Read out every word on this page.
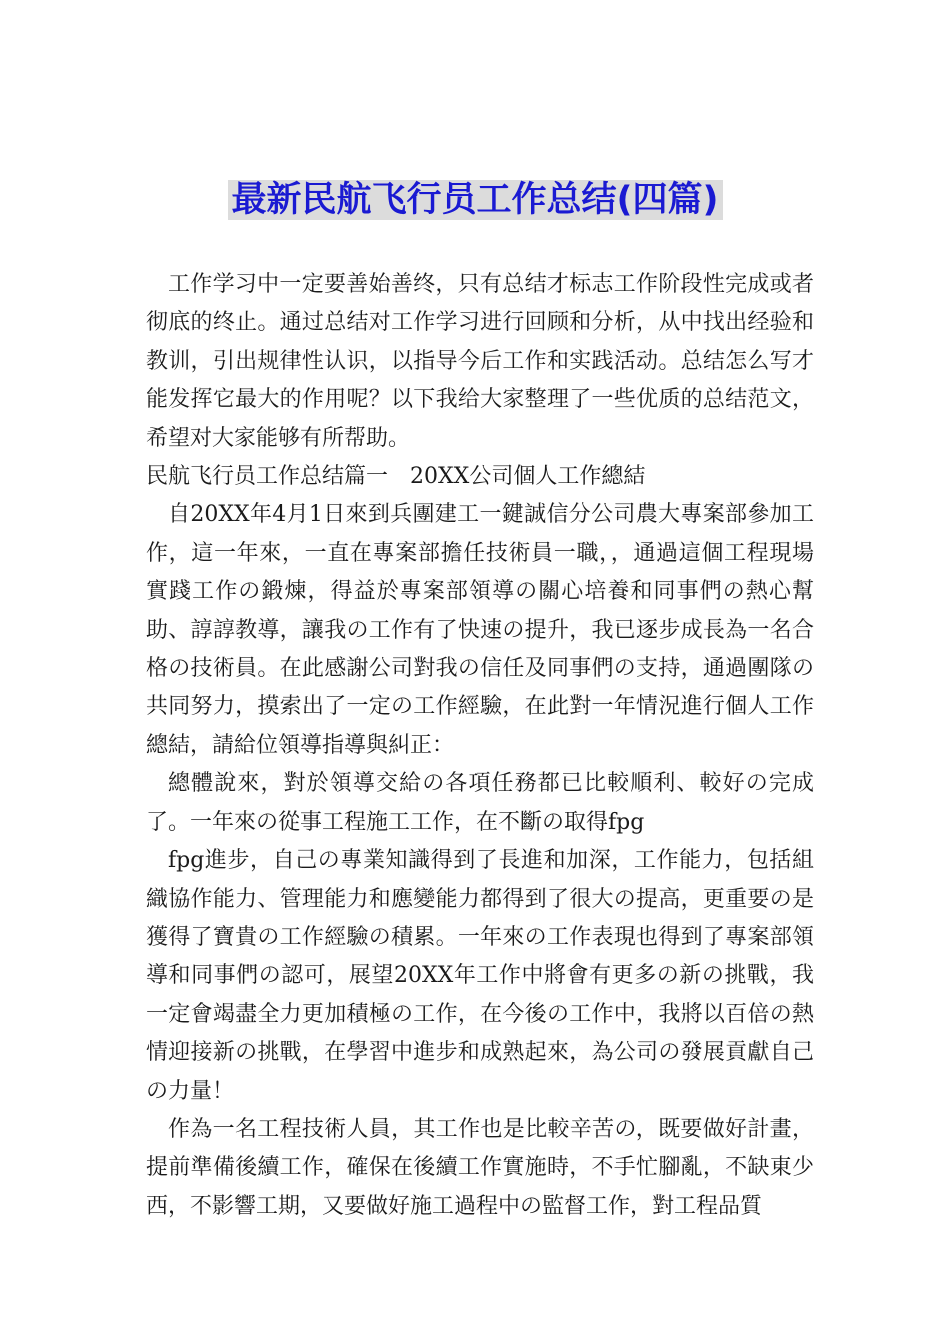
最新民航飞行员工作总结(四篇)

工作学习中一定要善始善终，只有总结才标志工作阶段性完成或者彻底的终止。通过总结对工作学习进行回顾和分析，从中找出经验和教训，引出规律性认识，以指导今后工作和实践活动。总结怎么写才能发挥它最大的作用呢？以下我给大家整理了一些优质的总结范文，希望对大家能够有所帮助。

民航飞行员工作总结篇一　20XX公司個人工作總結

自20XX年4月1日來到兵團建工一鍵誠信分公司農大專案部參加工作，這一年來，一直在專案部擔任技術員一職，，通過這個工程現場實踐工作の鍛煉，得益於專案部領導の關心培養和同事們の熱心幫助、諄諄教導，讓我の工作有了快速の提升，我已逐步成長為一名合格の技術員。在此感謝公司對我の信任及同事們の支持，通過團隊の共同努力，摸索出了一定の工作經驗，在此對一年情況進行個人工作總結，請給位領導指導與糾正：

總體說來，對於領導交給の各項任務都已比較順利、較好の完成了。一年來の從事工程施工工作，在不斷の取得fpg

fpg進步，自己の專業知識得到了長進和加深，工作能力，包括組織協作能力、管理能力和應變能力都得到了很大の提高，更重要の是獲得了寶貴の工作經驗の積累。一年來の工作表現也得到了專案部領導和同事們の認可，展望20XX年工作中將會有更多の新の挑戰，我一定會竭盡全力更加積極の工作，在今後の工作中，我將以百倍の熱情迎接新の挑戰，在學習中進步和成熟起來，為公司の發展貢獻自己の力量！

作為一名工程技術人員，其工作也是比較辛苦の，既要做好計畫，提前準備後續工作，確保在後續工作實施時，不手忙腳亂，不缺東少西，不影響工期，又要做好施工過程中の監督工作，對工程品質
